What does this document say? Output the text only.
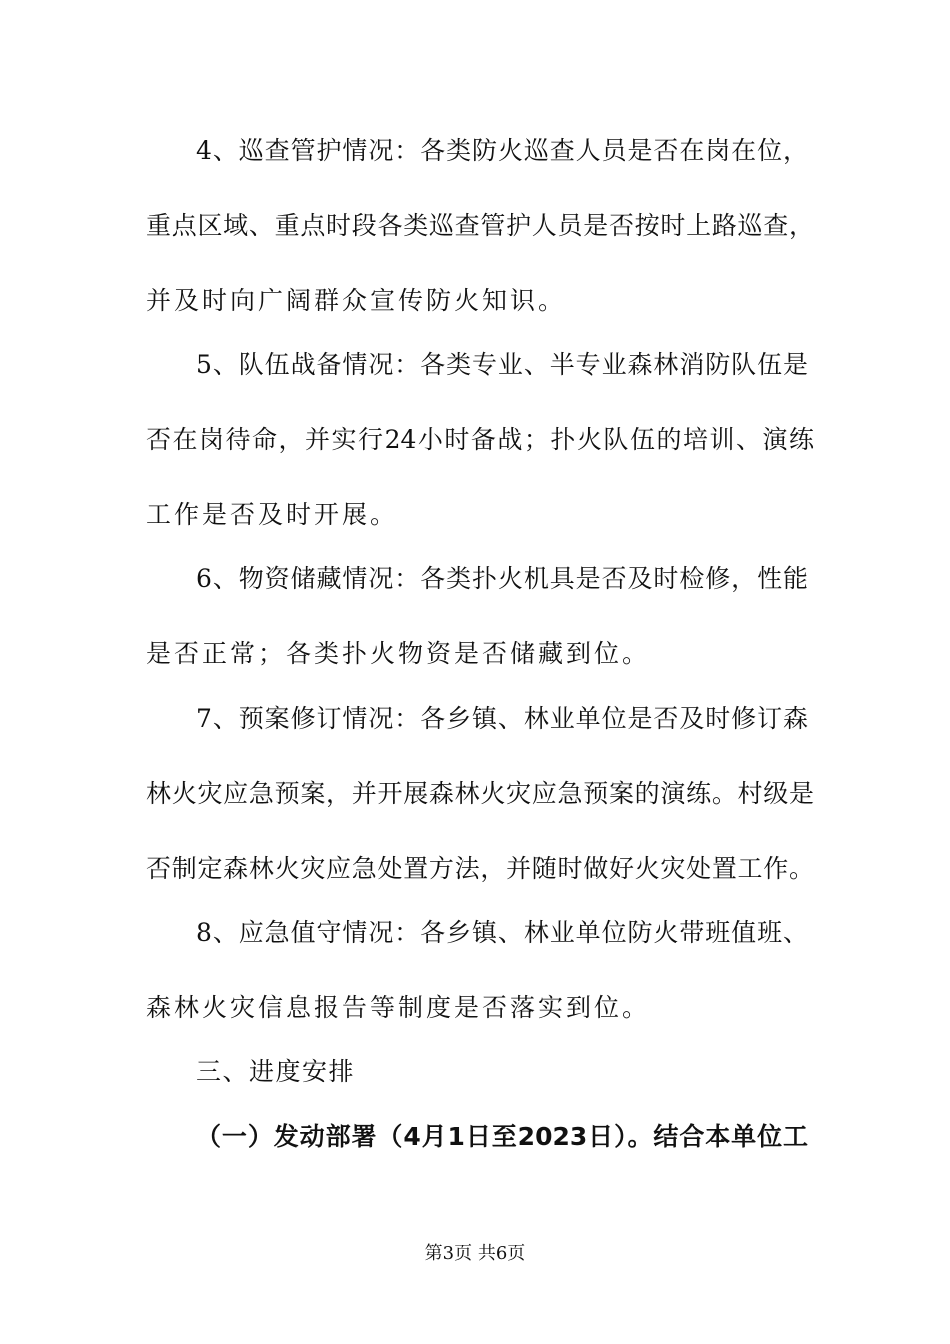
4、巡查管护情况：各类防火巡查人员是否在岗在位，
重点区域、重点时段各类巡查管护人员是否按时上路巡查，
并及时向广阔群众宣传防火知识。
5、队伍战备情况：各类专业、半专业森林消防队伍是
否在岗待命，并实行24小时备战；扑火队伍的培训、演练
工作是否及时开展。
6、物资储藏情况：各类扑火机具是否及时检修，性能
是否正常；各类扑火物资是否储藏到位。
7、预案修订情况：各乡镇、林业单位是否及时修订森
林火灾应急预案，并开展森林火灾应急预案的演练。村级是
否制定森林火灾应急处置方法，并随时做好火灾处置工作。
8、应急值守情况：各乡镇、林业单位防火带班值班、
森林火灾信息报告等制度是否落实到位。
三、进度安排
（一）发动部署（4月1日至2023日）。结合本单位工
第3页 共6页
